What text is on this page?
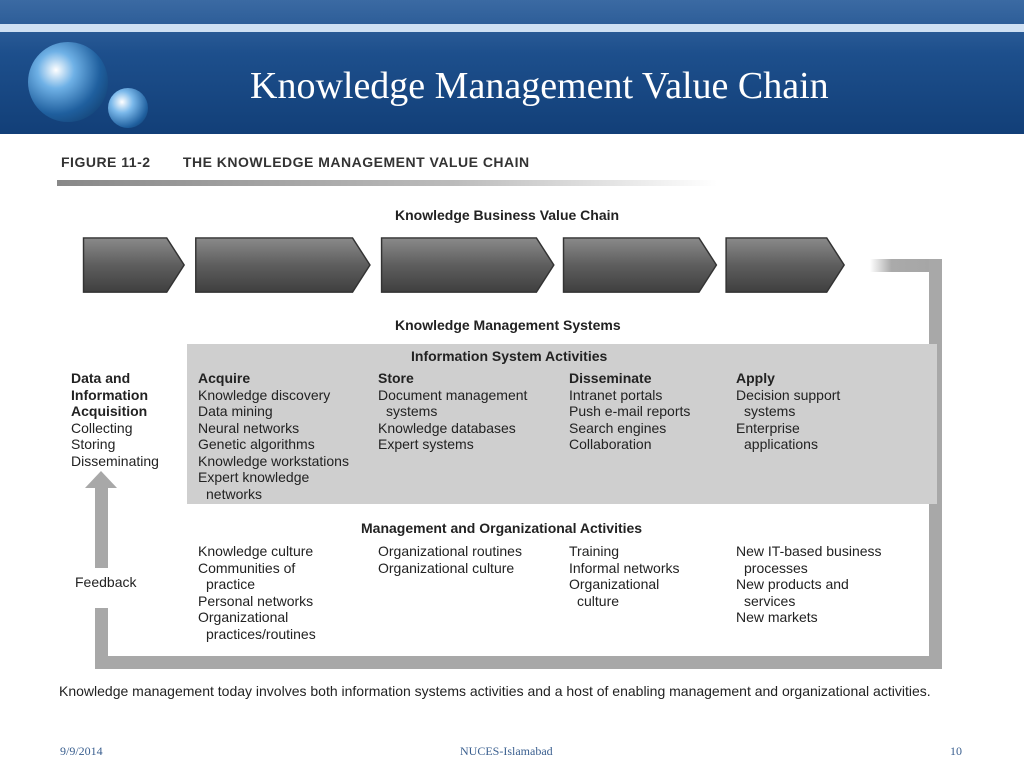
Knowledge Management Value Chain
FIGURE 11-2 THE KNOWLEDGE MANAGEMENT VALUE CHAIN
Knowledge Business Value Chain
Knowledge Management Systems
Information System Activities
Data and
Information
Acquisition
Collecting
Storing
Disseminating
Acquire
Knowledge discovery
Data mining
Neural networks
Genetic algorithms
Knowledge workstations
Expert knowledge
networks
Store
Document management
systems
Knowledge databases
Expert systems
Disseminate
Intranet portals
Push e-mail reports
Search engines
Collaboration
Apply
Decision support
systems
Enterprise
applications
Management and Organizational Activities
Knowledge culture
Communities of
practice
Personal networks
Organizational
practices/routines
Organizational routines
Organizational culture
Training
Informal networks
Organizational
culture
New IT-based business
processes
New products and
services
New markets
Feedback
Knowledge management today involves both information systems activities and a host of enabling management and organizational activities.
9/9/2014	NUCES-Islamabad	10
